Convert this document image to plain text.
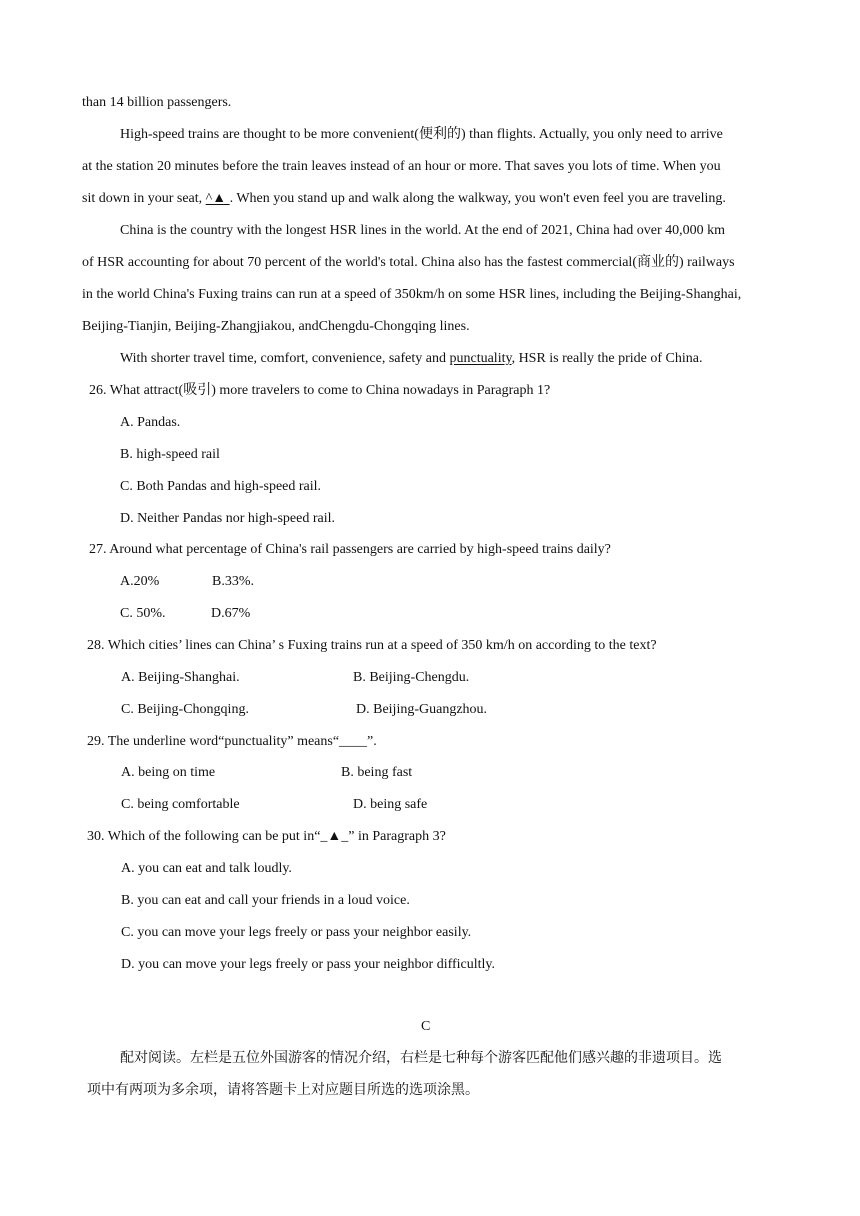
than 14 billion passengers.
High-speed trains are thought to be more convenient(便利的) than flights. Actually, you only need to arrive
at the station 20 minutes before the train leaves instead of an hour or more. That saves you lots of time. When you
sit down in your seat, ^▲ . When you stand up and walk along the walkway, you won't even feel you are traveling.
China is the country with the longest HSR lines in the world. At the end of 2021, China had over 40,000 km
of HSR accounting for about 70 percent of the world's total. China also has the fastest commercial(商业的) railways
in the world China's Fuxing trains can run at a speed of 350km/h on some HSR lines, including the Beijing-Shanghai,
Beijing-Tianjin, Beijing-Zhangjiakou, andChengdu-Chongqing lines.
With shorter travel time, comfort, convenience, safety and punctuality, HSR is really the pride of China.
26. What attract(吸引) more travelers to come to China nowadays in Paragraph 1?
A. Pandas.
B. high-speed rail
C. Both Pandas and high-speed rail.
D. Neither Pandas nor high-speed rail.
27. Around what percentage of China's rail passengers are carried by high-speed trains daily?
A.20%	B.33%.
C. 50%.	D.67%
28. Which cities’ lines can China’ s Fuxing trains run at a speed of 350 km/h on according to the text?
A. Beijing-Shanghai.	B. Beijing-Chengdu.
C. Beijing-Chongqing.	D. Beijing-Guangzhou.
29. The underline word“punctuality” means“____”.
A. being on time	B. being fast
C. being comfortable	D. being safe
30. Which of the following can be put in“_▲_” in Paragraph 3?
A. you can eat and talk loudly.
B. you can eat and call your friends in a loud voice.
C. you can move your legs freely or pass your neighbor easily.
D. you can move your legs freely or pass your neighbor difficultly.
C
配对阅读。左栏是五位外国游客的情况介绍，右栏是七种每个游客匹配他们感兴趣的非遗项目。选
项中有两项为多余项，请将答题卡上对应题目所选的选项涂黑。
